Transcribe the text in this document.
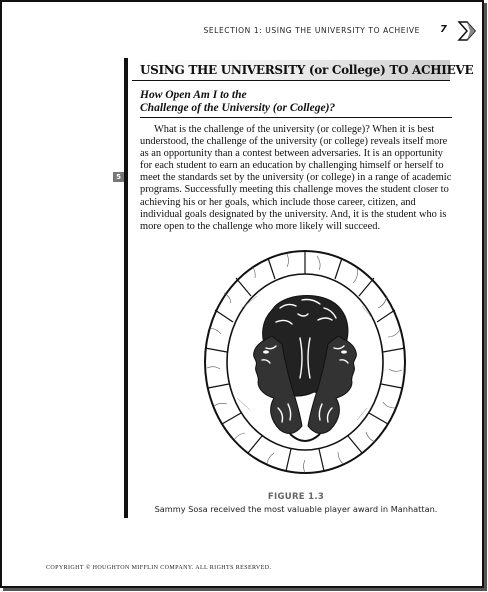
SELECTION 1: USING THE UNIVERSITY TO ACHEIVE 7
USING THE UNIVERSITY (or College) TO ACHIEVE
How Open Am I to the
Challenge of the University (or College)?

What is the challenge of the university (or college)? When it is best understood, the challenge of the university (or college) reveals itself more as an opportunity than a contest between adversaries. It is an opportunity for each student to earn an education by challenging himself or herself to meet the standards set by the university (or college) in a range of academic programs. Successfully meeting this challenge moves the student closer to achieving his or her goals, which include those career, citizen, and individual goals designated by the university. And, it is the student who is more open to the challenge who more likely will succeed.

5
FIGURE 1.3
Sammy Sosa received the most valuable player award in Manhattan.
COPYRIGHT © HOUGHTON MIFFLIN COMPANY. ALL RIGHTS RESERVED.
